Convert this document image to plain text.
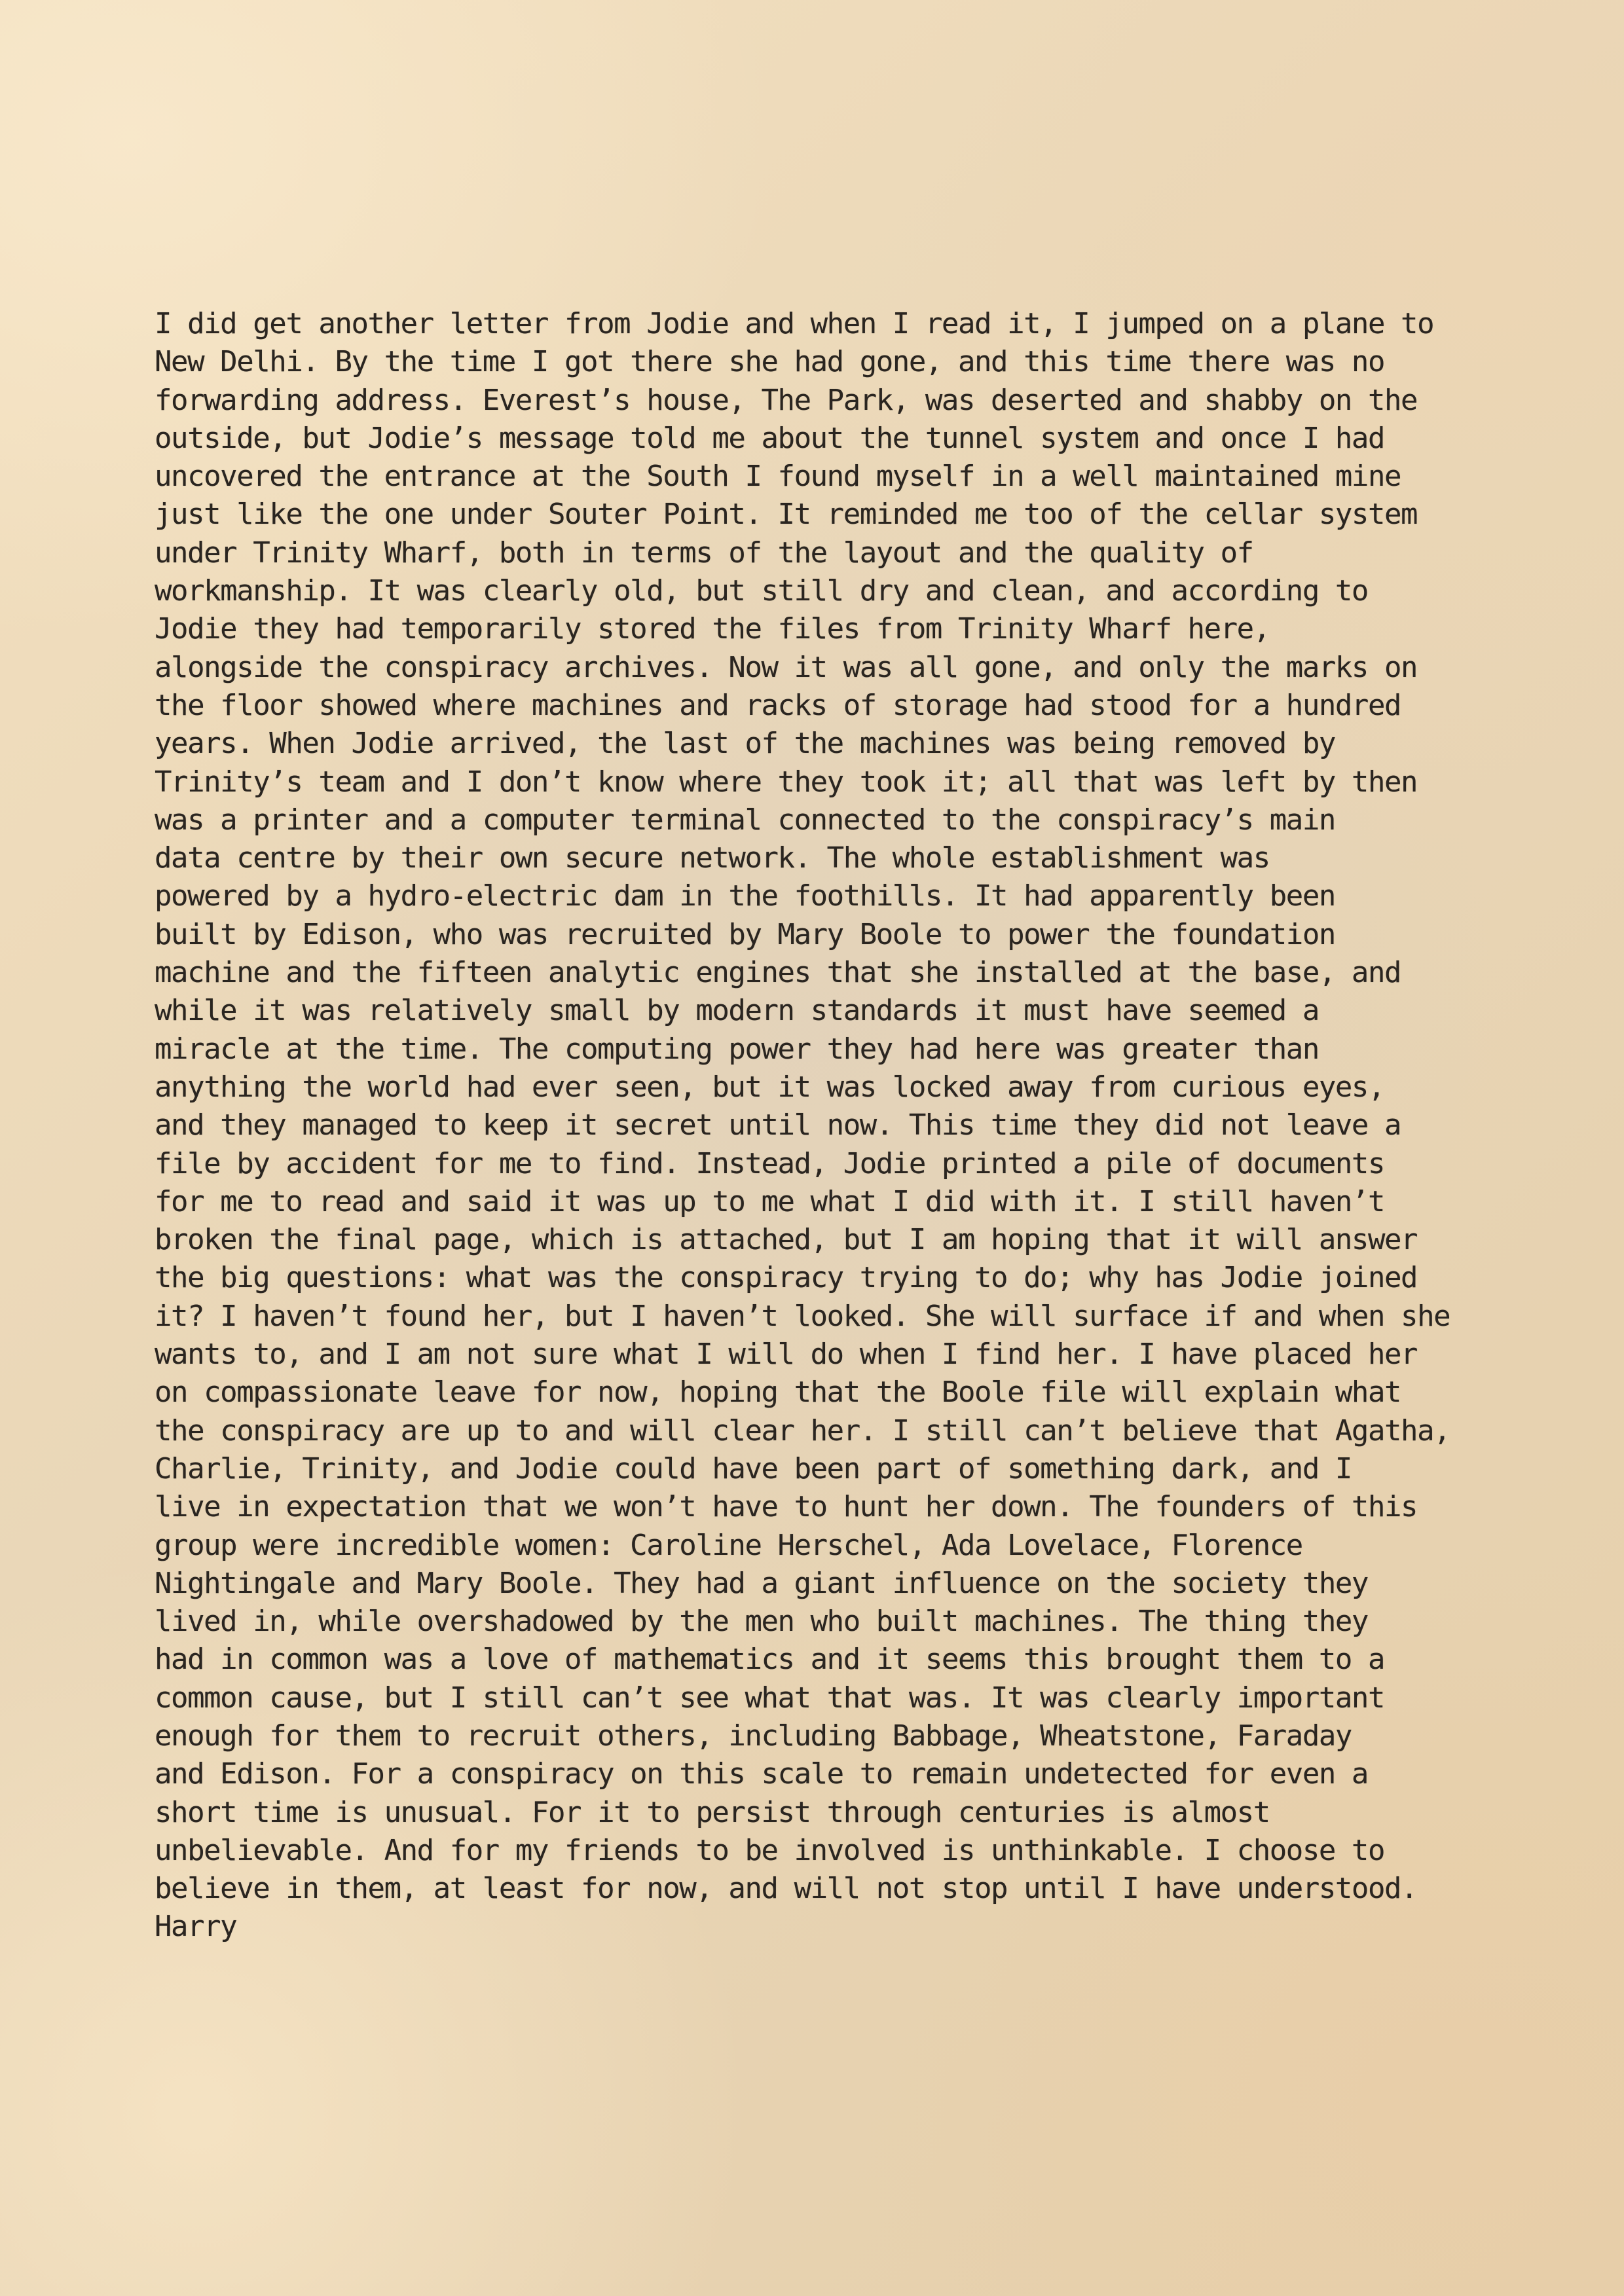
I did get another letter from Jodie and when I read it, I jumped on a plane to
New Delhi. By the time I got there she had gone, and this time there was no
forwarding address. Everest’s house, The Park, was deserted and shabby on the
outside, but Jodie’s message told me about the tunnel system and once I had
uncovered the entrance at the South I found myself in a well maintained mine
just like the one under Souter Point. It reminded me too of the cellar system
under Trinity Wharf, both in terms of the layout and the quality of
workmanship. It was clearly old, but still dry and clean, and according to
Jodie they had temporarily stored the files from Trinity Wharf here,
alongside the conspiracy archives. Now it was all gone, and only the marks on
the floor showed where machines and racks of storage had stood for a hundred
years. When Jodie arrived, the last of the machines was being removed by
Trinity’s team and I don’t know where they took it; all that was left by then
was a printer and a computer terminal connected to the conspiracy’s main
data centre by their own secure network. The whole establishment was
powered by a hydro-electric dam in the foothills. It had apparently been
built by Edison, who was recruited by Mary Boole to power the foundation
machine and the fifteen analytic engines that she installed at the base, and
while it was relatively small by modern standards it must have seemed a
miracle at the time. The computing power they had here was greater than
anything the world had ever seen, but it was locked away from curious eyes,
and they managed to keep it secret until now. This time they did not leave a
file by accident for me to find. Instead, Jodie printed a pile of documents
for me to read and said it was up to me what I did with it. I still haven’t
broken the final page, which is attached, but I am hoping that it will answer
the big questions: what was the conspiracy trying to do; why has Jodie joined
it? I haven’t found her, but I haven’t looked. She will surface if and when she
wants to, and I am not sure what I will do when I find her. I have placed her
on compassionate leave for now, hoping that the Boole file will explain what
the conspiracy are up to and will clear her. I still can’t believe that Agatha,
Charlie, Trinity, and Jodie could have been part of something dark, and I
live in expectation that we won’t have to hunt her down. The founders of this
group were incredible women: Caroline Herschel, Ada Lovelace, Florence
Nightingale and Mary Boole. They had a giant influence on the society they
lived in, while overshadowed by the men who built machines. The thing they
had in common was a love of mathematics and it seems this brought them to a
common cause, but I still can’t see what that was. It was clearly important
enough for them to recruit others, including Babbage, Wheatstone, Faraday
and Edison. For a conspiracy on this scale to remain undetected for even a
short time is unusual. For it to persist through centuries is almost
unbelievable. And for my friends to be involved is unthinkable. I choose to
believe in them, at least for now, and will not stop until I have understood.
Harry
